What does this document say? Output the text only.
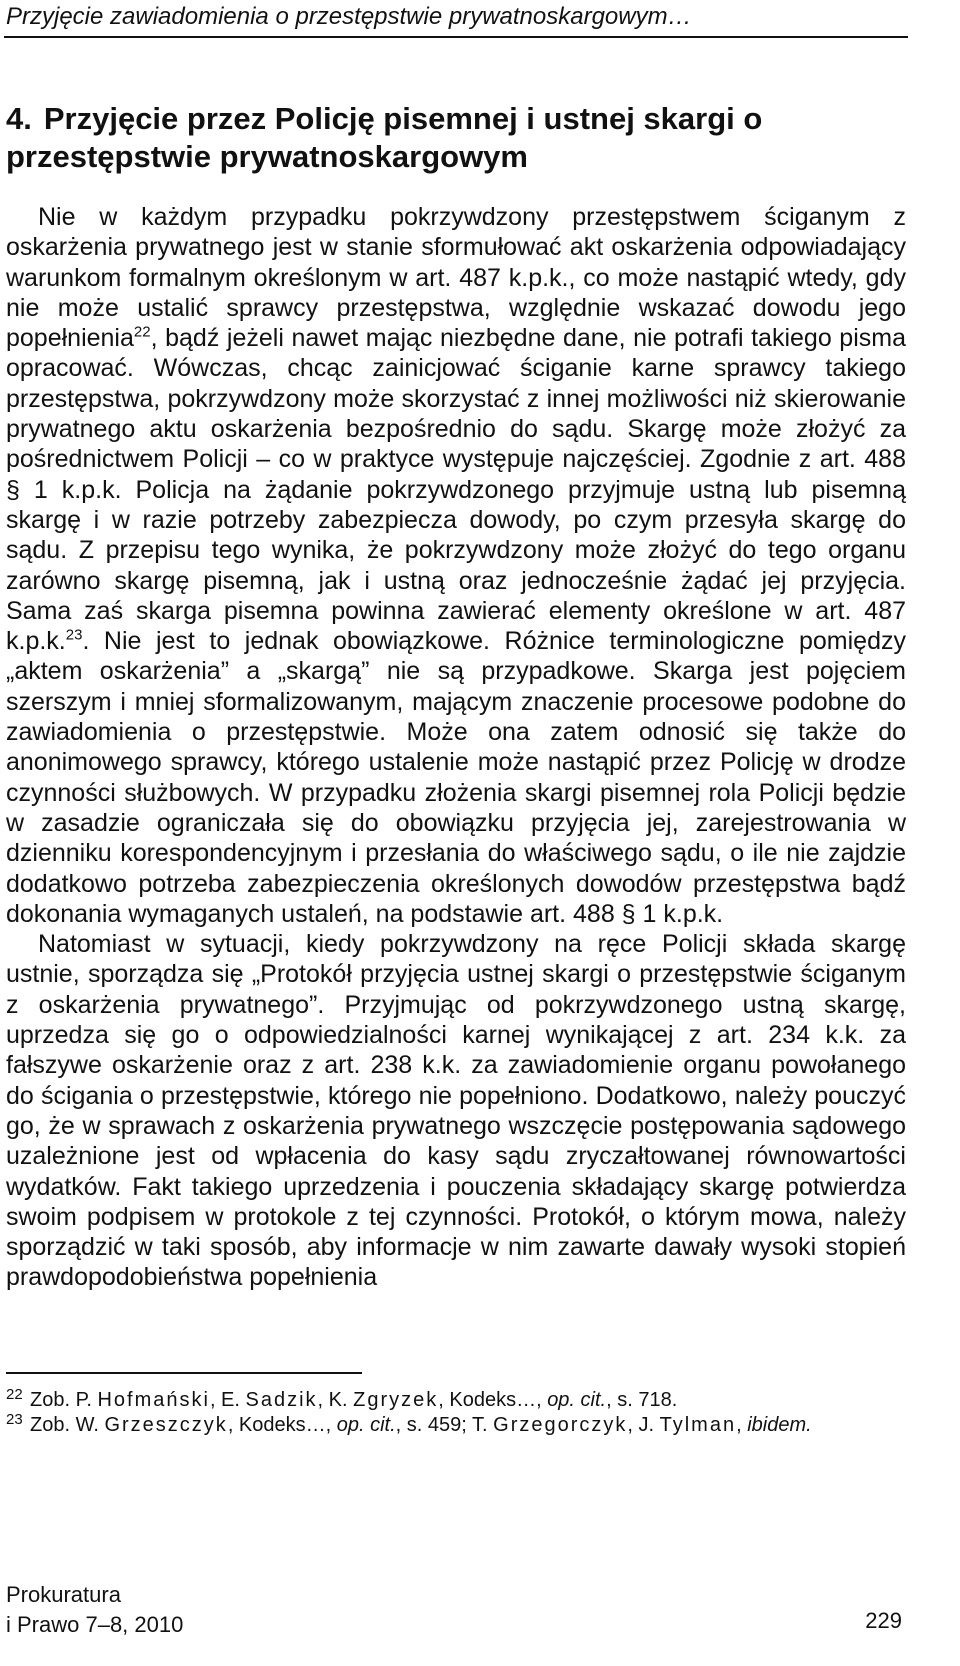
Przyjęcie zawiadomienia o przestępstwie prywatnoskargowym…
4. Przyjęcie przez Policję pisemnej i ustnej skargi o przestępstwie prywatnoskargowym

Nie w każdym przypadku pokrzywdzony przestępstwem ściganym z oskarżenia prywatnego jest w stanie sformułować akt oskarżenia odpowiadający warunkom formalnym określonym w art. 487 k.p.k., co może nastąpić wtedy, gdy nie może ustalić sprawcy przestępstwa, względnie wskazać dowodu jego popełnienia$^{22}$, bądź jeżeli nawet mając niezbędne dane, nie potrafi takiego pisma opracować. Wówczas, chcąc zainicjować ściganie karne sprawcy takiego przestępstwa, pokrzywdzony może skorzystać z innej możliwości niż skierowanie prywatnego aktu oskarżenia bezpośrednio do sądu. Skargę może złożyć za pośrednictwem Policji – co w praktyce występuje najczęściej. Zgodnie z art. 488 § 1 k.p.k. Policja na żądanie pokrzywdzonego przyjmuje ustną lub pisemną skargę i w razie potrzeby zabezpiecza dowody, po czym przesyła skargę do sądu. Z przepisu tego wynika, że pokrzywdzony może złożyć do tego organu zarówno skargę pisemną, jak i ustną oraz jednocześnie żądać jej przyjęcia. Sama zaś skarga pisemna powinna zawierać elementy określone w art. 487 k.p.k.$^{23}$. Nie jest to jednak obowiązkowe. Różnice terminologiczne pomiędzy „aktem oskarżenia” a „skargą” nie są przypadkowe. Skarga jest pojęciem szerszym i mniej sformalizowanym, mającym znaczenie procesowe podobne do zawiadomienia o przestępstwie. Może ona zatem odnosić się także do anonimowego sprawcy, którego ustalenie może nastąpić przez Policję w drodze czynności służbowych. W przypadku złożenia skargi pisemnej rola Policji będzie w zasadzie ograniczała się do obowiązku przyjęcia jej, zarejestrowania w dzienniku korespondencyjnym i przesłania do właściwego sądu, o ile nie zajdzie dodatkowo potrzeba zabezpieczenia określonych dowodów przestępstwa bądź dokonania wymaganych ustaleń, na podstawie art. 488 § 1 k.p.k.

Natomiast w sytuacji, kiedy pokrzywdzony na ręce Policji składa skargę ustnie, sporządza się „Protokół przyjęcia ustnej skargi o przestępstwie ściganym z oskarżenia prywatnego”. Przyjmując od pokrzywdzonego ustną skargę, uprzedza się go o odpowiedzialności karnej wynikającej z art. 234 k.k. za fałszywe oskarżenie oraz z art. 238 k.k. za zawiadomienie organu powołanego do ścigania o przestępstwie, którego nie popełniono. Dodatkowo, należy pouczyć go, że w sprawach z oskarżenia prywatnego wszczęcie postępowania sądowego uzależnione jest od wpłacenia do kasy sądu zryczałtowanej równowartości wydatków. Fakt takiego uprzedzenia i pouczenia składający skargę potwierdza swoim podpisem w protokole z tej czynności. Protokół, o którym mowa, należy sporządzić w taki sposób, aby informacje w nim zawarte dawały wysoki stopień prawdopodobieństwa popełnienia

22 Zob. P. Hofmański, E. Sadzik, K. Zgryzek, Kodeks…, op. cit., s. 718.
23 Zob. W. Grzeszczyk, Kodeks…, op. cit., s. 459; T. Grzegorczyk, J. Tylman, ibidem.
Prokuratura
i Prawo 7–8, 2010	229
